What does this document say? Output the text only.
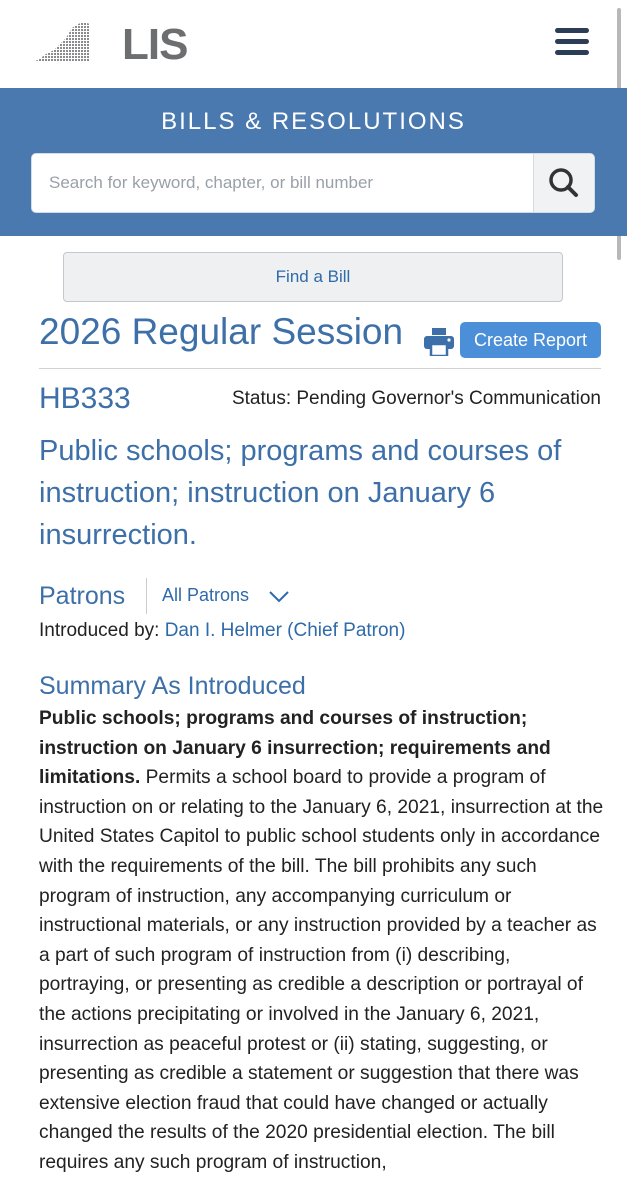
LIS
BILLS & RESOLUTIONS
Search for keyword, chapter, or bill number
Find a Bill
2026 Regular Session	Create Report
HB333	Status: Pending Governor's Communication
Public schools; programs and courses of instruction; instruction on January 6 insurrection.
Patrons All Patrons
Introduced by: Dan I. Helmer (Chief Patron)
Summary As Introduced
Public schools; programs and courses of instruction; instruction on January 6 insurrection; requirements and limitations. Permits a school board to provide a program of instruction on or relating to the January 6, 2021, insurrection at the United States Capitol to public school students only in accordance with the requirements of the bill. The bill prohibits any such program of instruction, any accompanying curriculum or instructional materials, or any instruction provided by a teacher as a part of such program of instruction from (i) describing, portraying, or presenting as credible a description or portrayal of the actions precipitating or involved in the January 6, 2021, insurrection as peaceful protest or (ii) stating, suggesting, or presenting as credible a statement or suggestion that there was extensive election fraud that could have changed or actually changed the results of the 2020 presidential election. The bill requires any such program of instruction,
